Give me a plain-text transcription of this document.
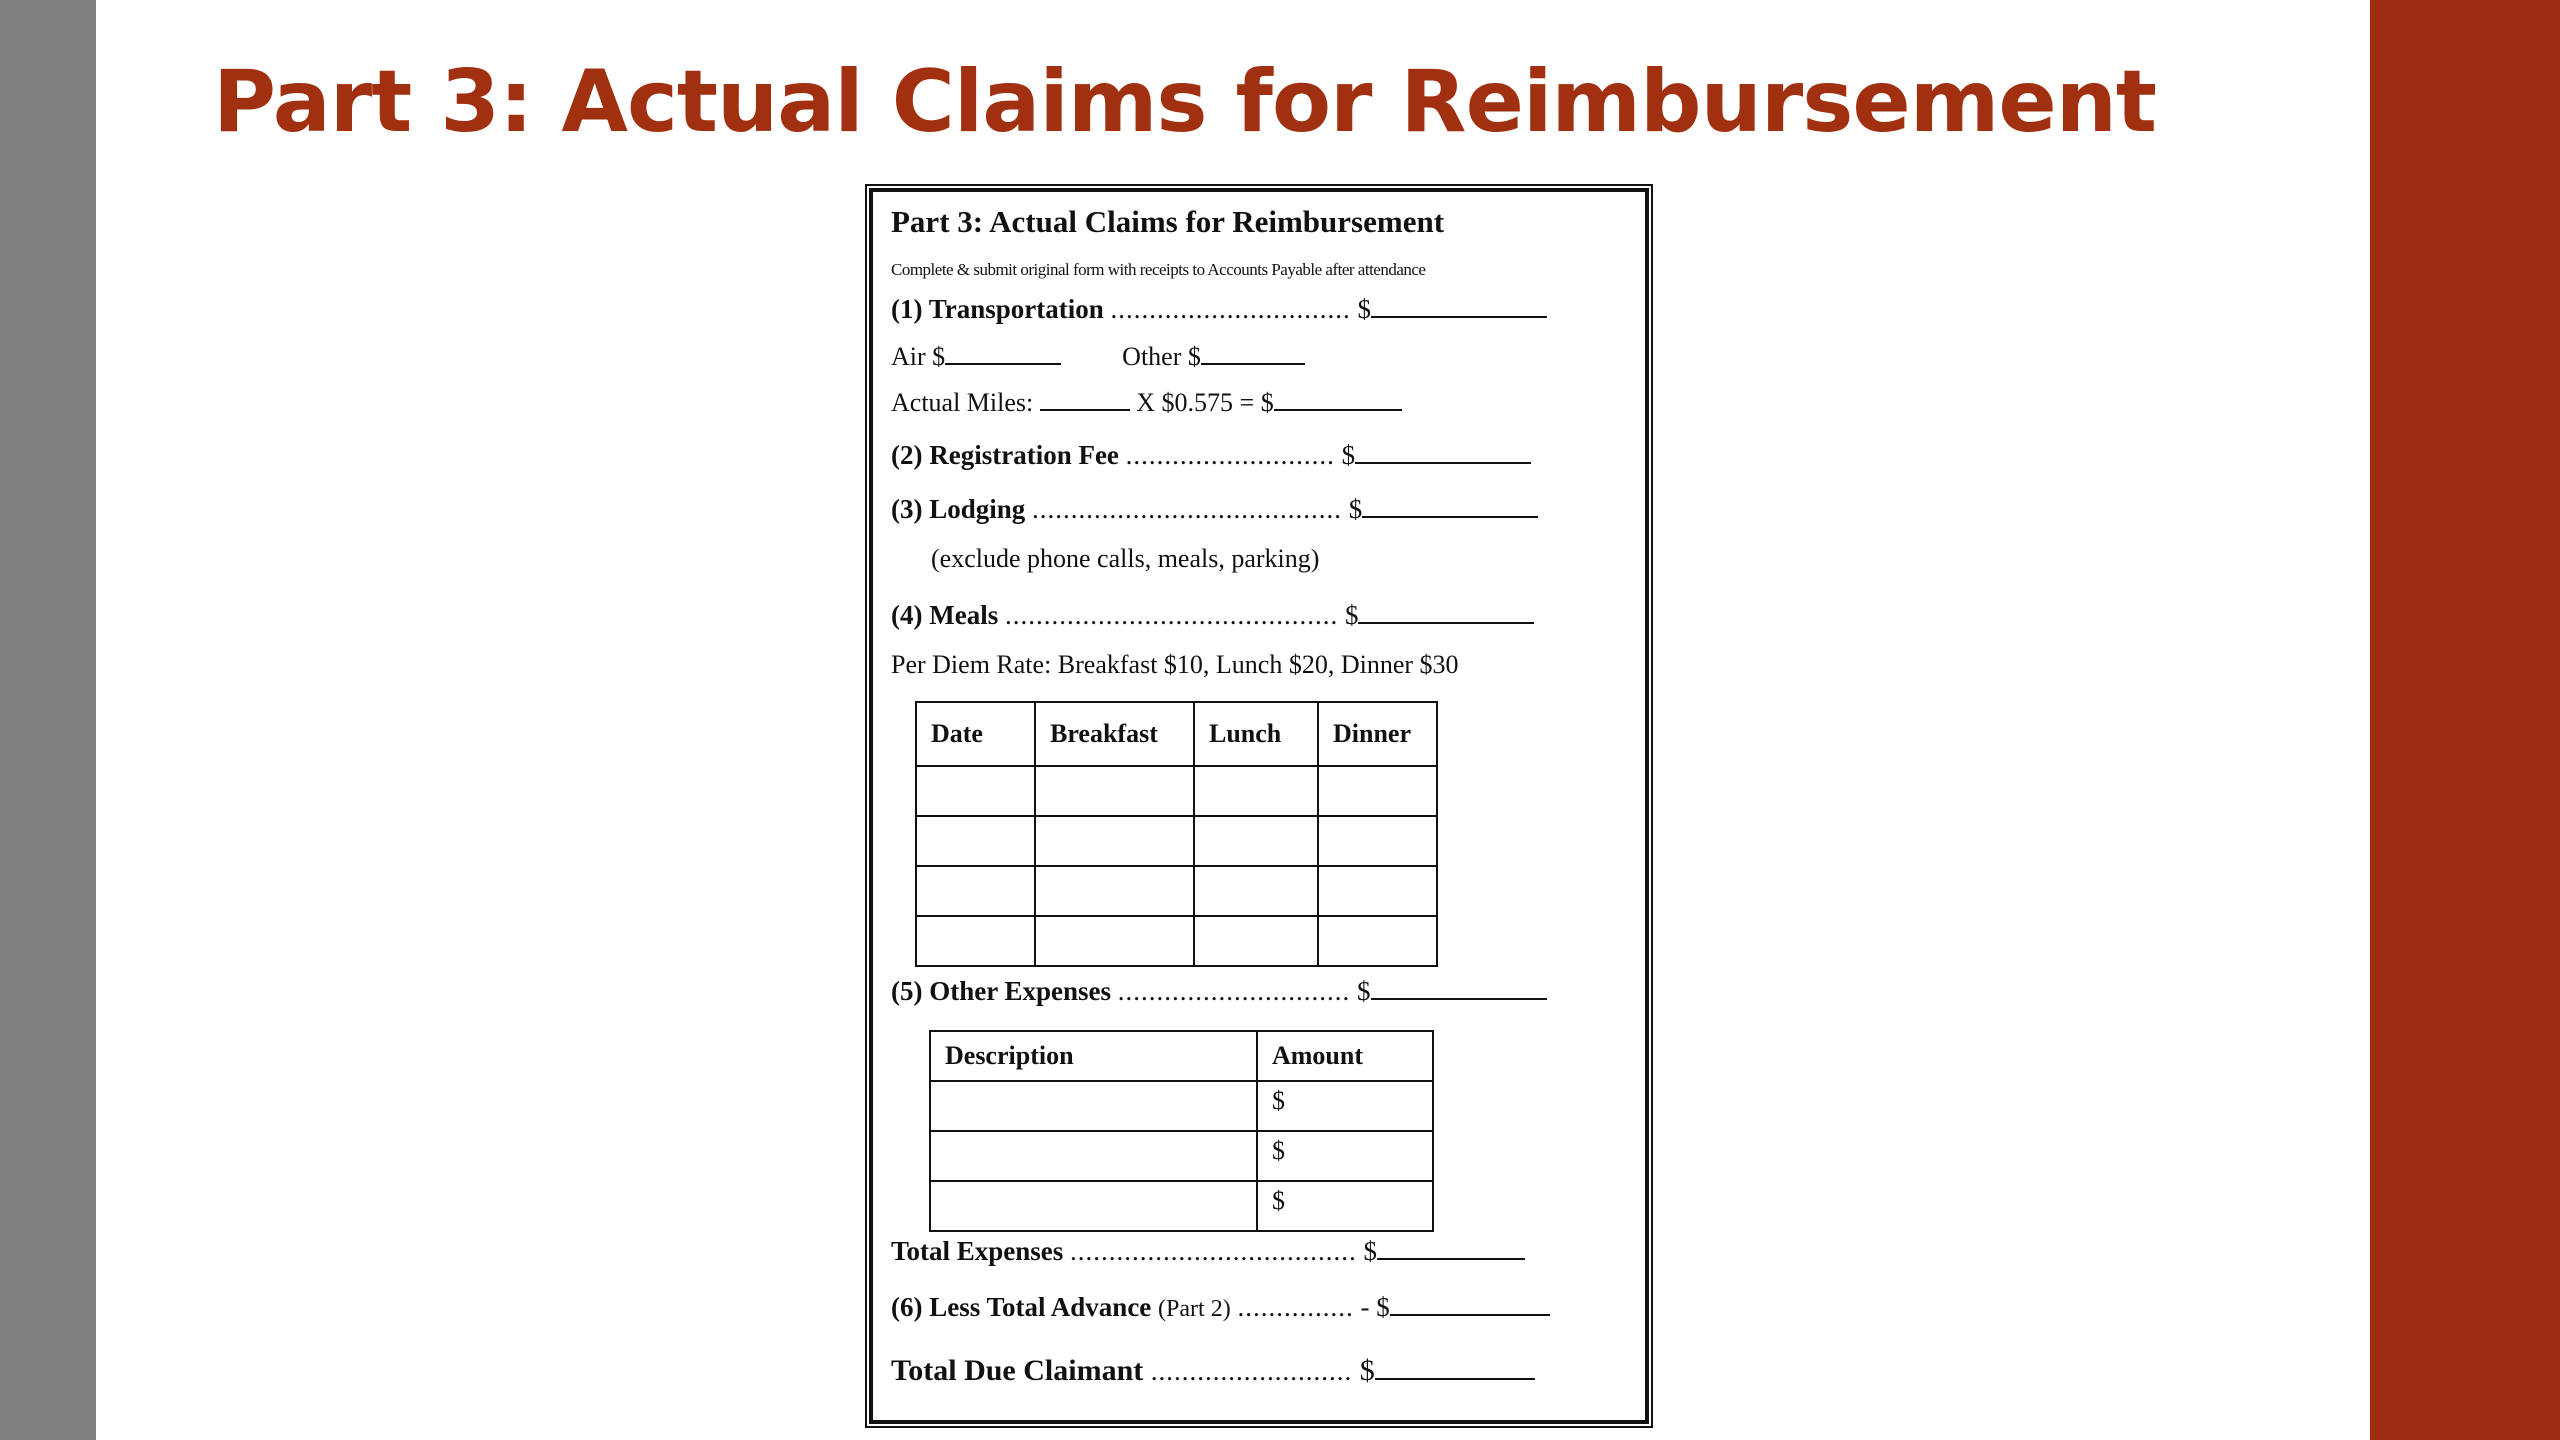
Part 3: Actual Claims for Reimbursement
Part 3: Actual Claims for Reimbursement
Complete & submit original form with receipts to Accounts Payable after attendance
(1) Transportation ............................... $
Air $	Other $
Actual Miles:	X $0.575 = $
(2) Registration Fee ........................... $
(3) Lodging ........................................ $
(exclude phone calls, meals, parking)
(4) Meals ........................................... $
Per Diem Rate: Breakfast $10, Lunch $20, Dinner $30
Date	Breakfast	Lunch	Dinner

(5) Other Expenses .............................. $
Description	Amount
	$
	$
	$
Total Expenses ..................................... $
(6) Less Total Advance (Part 2) ............... - $
Total Due Claimant .......................... $
